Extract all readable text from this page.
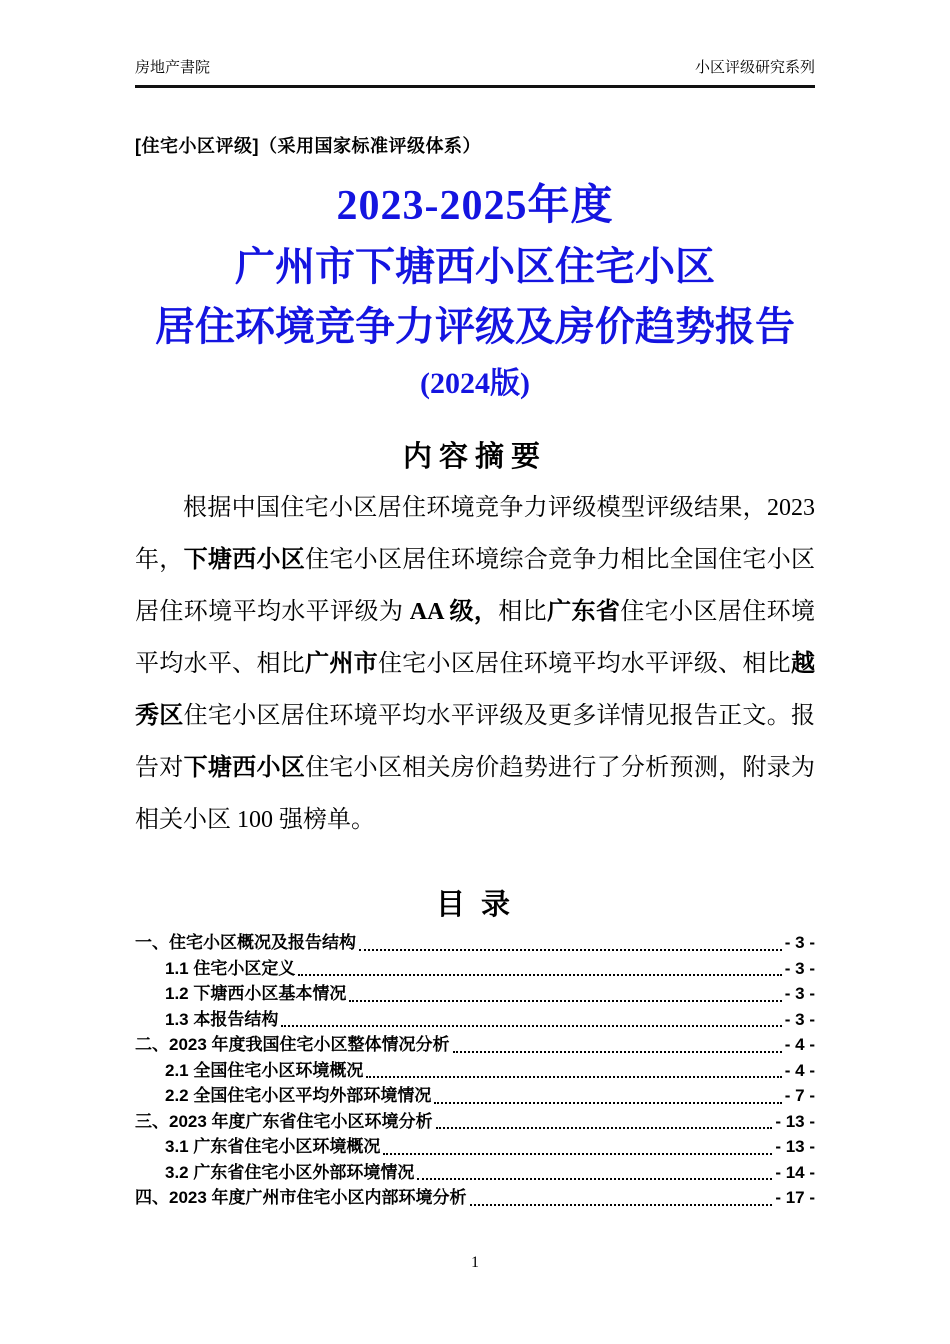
房地产書院	小区评级研究系列
[住宅小区评级]（采用国家标准评级体系）
2023-2025年度
广州市下塘西小区住宅小区
居住环境竞争力评级及房价趋势报告
(2024版)
内容摘要
根据中国住宅小区居住环境竞争力评级模型评级结果，2023 年，下塘西小区住宅小区居住环境综合竞争力相比全国住宅小区居住环境平均水平评级为 AA 级，相比广东省住宅小区居住环境平均水平、相比广州市住宅小区居住环境平均水平评级、相比越秀区住宅小区居住环境平均水平评级及更多详情见报告正文。报告对下塘西小区住宅小区相关房价趋势进行了分析预测，附录为相关小区 100 强榜单。
目 录
一、住宅小区概况及报告结构	- 3 -
1.1 住宅小区定义	- 3 -
1.2 下塘西小区基本情况	- 3 -
1.3 本报告结构	- 3 -
二、2023 年度我国住宅小区整体情况分析	- 4 -
2.1 全国住宅小区环境概况	- 4 -
2.2 全国住宅小区平均外部环境情况	- 7 -
三、2023 年度广东省住宅小区环境分析	- 13 -
3.1 广东省住宅小区环境概况	- 13 -
3.2 广东省住宅小区外部环境情况	- 14 -
四、2023 年度广州市住宅小区内部环境分析	- 17 -
1
